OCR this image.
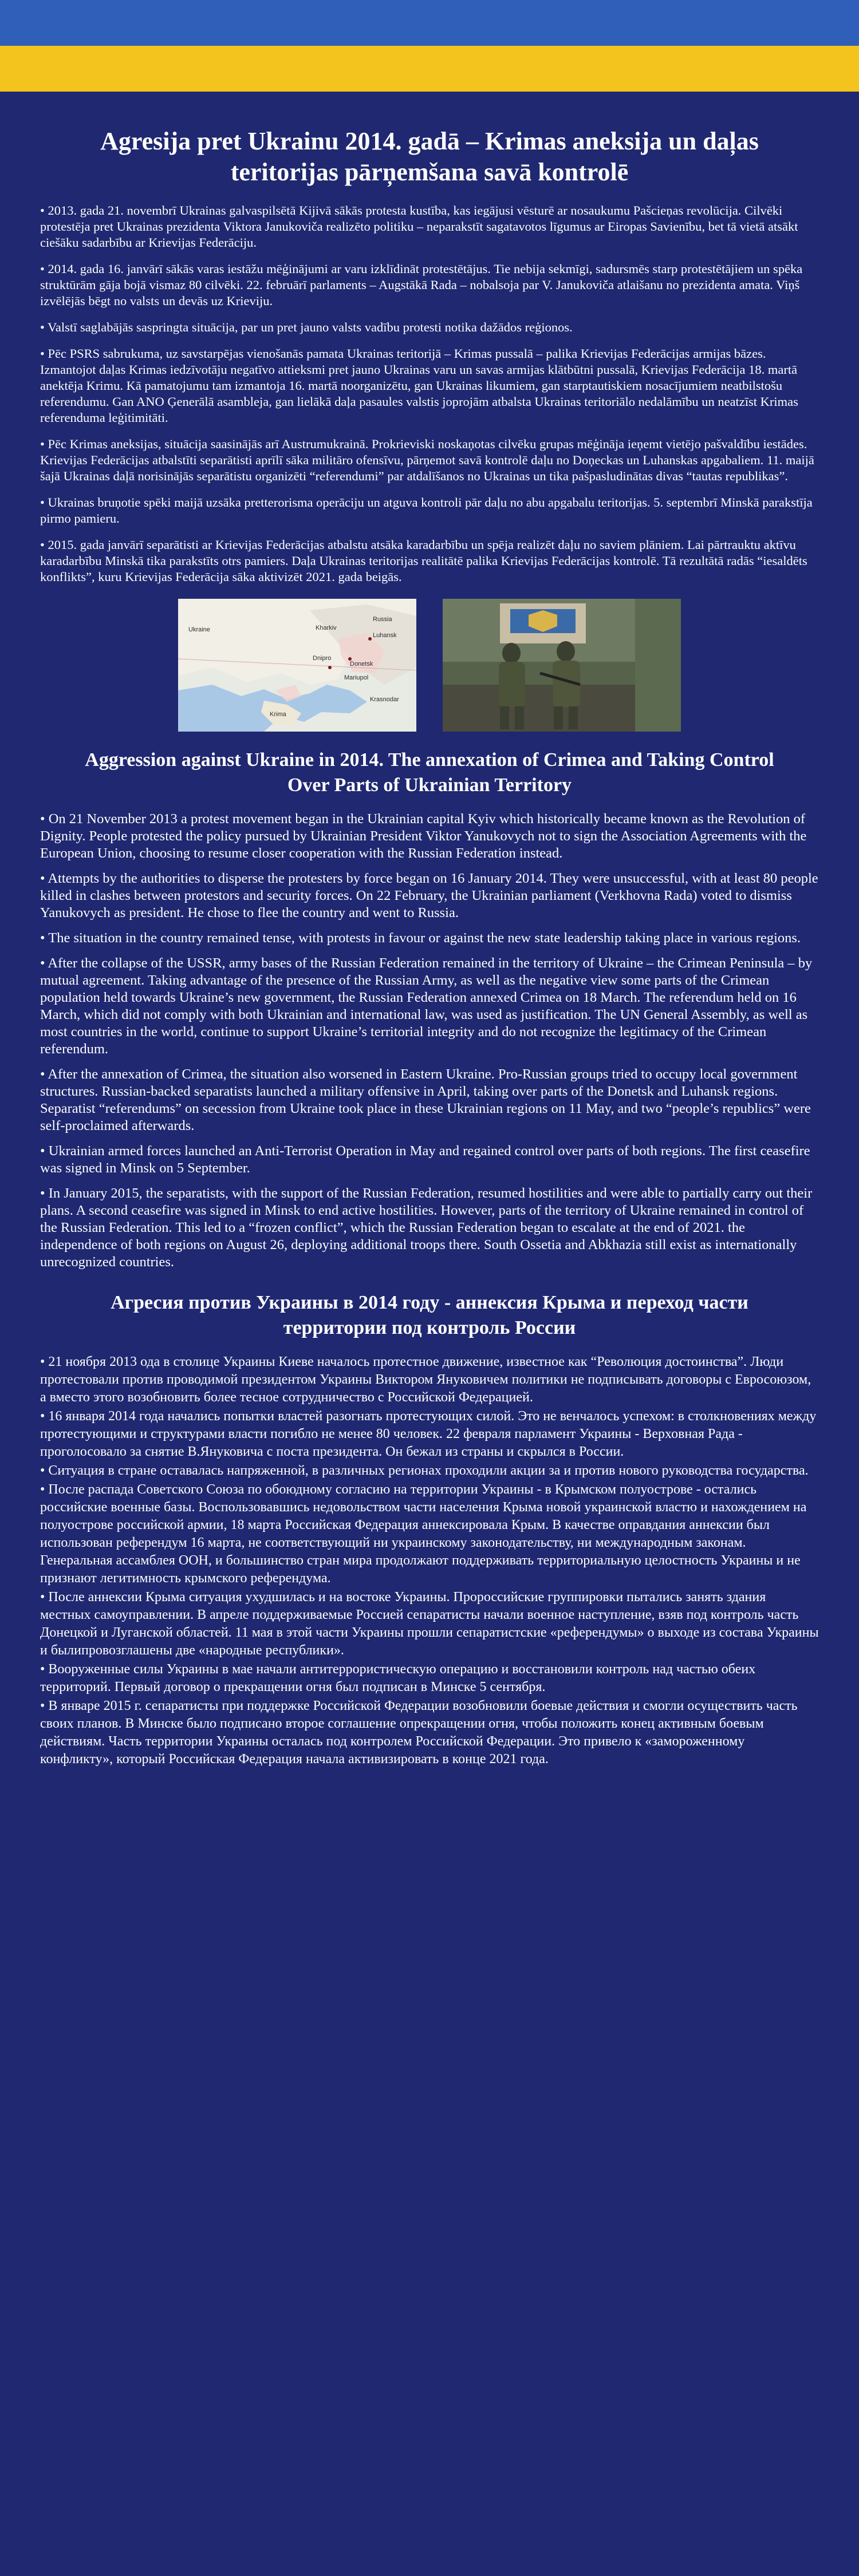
Agresija pret Ukrainu 2014. gadā – Krimas aneksija un daļas teritorijas pārņemšana savā kontrolē

• 2013. gada 21. novembrī Ukrainas galvaspilsētā Kijivā sākās protesta kustība, kas iegājusi vēsturē ar nosaukumu Pašcieņas revolūcija. Cilvēki protestēja pret Ukrainas prezidenta Viktora Janukoviča realizēto politiku – neparakstīt sagatavotos līgumus ar Eiropas Savienību, bet tā vietā atsākt ciešāku sadarbību ar Krievijas Federāciju.

• 2014. gada 16. janvārī sākās varas iestāžu mēģinājumi ar varu izklīdināt protestētājus. Tie nebija sekmīgi, sadursmēs starp protestētājiem un spēka struktūrām gāja bojā vismaz 80 cilvēki. 22. februārī parlaments – Augstākā Rada – nobalsoja par V. Janukoviča atlaišanu no prezidenta amata. Viņš izvēlējās bēgt no valsts un devās uz Krieviju.

• Valstī saglabājās saspringta situācija, par un pret jauno valsts vadību protesti notika dažādos reģionos.

• Pēc PSRS sabrukuma, uz savstarpējas vienošanās pamata Ukrainas teritorijā – Krimas pussalā – palika Krievijas Federācijas armijas bāzes. Izmantojot daļas Krimas iedzīvotāju negatīvo attieksmi pret jauno Ukrainas varu un savas armijas klātbūtni pussalā, Krievijas Federācija 18. martā anektēja Krimu. Kā pamatojumu tam izmantoja 16. martā noorganizētu, gan Ukrainas likumiem, gan starptautiskiem nosacījumiem neatbilstošu referendumu. Gan ANO Ģenerālā asambleja, gan lielākā daļa pasaules valstis joprojām atbalsta Ukrainas teritoriālo nedalāmību un neatzīst Krimas referenduma leģitimitāti.

• Pēc Krimas aneksijas, situācija saasinājās arī Austrumukrainā. Prokrieviski noskaņotas cilvēku grupas mēģināja ieņemt vietējo pašvaldību iestādes. Krievijas Federācijas atbalstīti separātisti aprīlī sāka militāro ofensīvu, pārņemot savā kontrolē daļu no Doņeckas un Luhanskas apgabaliem. 11. maijā šajā Ukrainas daļā norisinājās separātistu organizēti “referendumi” par atdalīšanos no Ukrainas un tika pašpasludinātas divas “tautas republikas”.

• Ukrainas bruņotie spēki maijā uzsāka pretterorisma operāciju un atguva kontroli pār daļu no abu apgabalu teritorijas. 5. septembrī Minskā parakstīja pirmo pamieru.

• 2015. gada janvārī separātisti ar Krievijas Federācijas atbalstu atsāka karadarbību un spēja realizēt daļu no saviem plāniem. Lai pārtrauktu aktīvu karadarbību Minskā tika parakstīts otrs pamiers. Daļa Ukrainas teritorijas realitātē palika Krievijas Federācijas kontrolē. Tā rezultātā radās “iesaldēts konflikts”, kuru Krievijas Federācija sāka aktivizēt 2021. gada beigās.

Ukraine
Russia
Kharkiv
Luhansk
Donetsk
Dnipro
Mariupol
Krasnodar
Krima
Aggression against Ukraine in 2014. The annexation of Crimea and Taking Control Over Parts of Ukrainian Territory

• On 21 November 2013 a protest movement began in the Ukrainian capital Kyiv which historically became known as the Revolution of Dignity. People protested the policy pursued by Ukrainian President Viktor Yanukovych not to sign the Association Agreements with the European Union, choosing to resume closer cooperation with the Russian Federation instead.

• Attempts by the authorities to disperse the protesters by force began on 16 January 2014. They were unsuccessful, with at least 80 people killed in clashes between protestors and security forces. On 22 February, the Ukrainian parliament (Verkhovna Rada) voted to dismiss Yanukovych as president. He chose to flee the country and went to Russia.

• The situation in the country remained tense, with protests in favour or against the new state leadership taking place in various regions.

• After the collapse of the USSR, army bases of the Russian Federation remained in the territory of Ukraine – the Crimean Peninsula – by mutual agreement. Taking advantage of the presence of the Russian Army, as well as the negative view some parts of the Crimean population held towards Ukraine’s new government, the Russian Federation annexed Crimea on 18 March. The referendum held on 16 March, which did not comply with both Ukrainian and international law, was used as justification. The UN General Assembly, as well as most countries in the world, continue to support Ukraine’s territorial integrity and do not recognize the legitimacy of the Crimean referendum.

• After the annexation of Crimea, the situation also worsened in Eastern Ukraine. Pro-Russian groups tried to occupy local government structures. Russian-backed separatists launched a military offensive in April, taking over parts of the Donetsk and Luhansk regions. Separatist “referendums” on secession from Ukraine took place in these Ukrainian regions on 11 May, and two “people’s republics” were self-proclaimed afterwards.

• Ukrainian armed forces launched an Anti-Terrorist Operation in May and regained control over parts of both regions. The first ceasefire was signed in Minsk on 5 September.

• In January 2015, the separatists, with the support of the Russian Federation, resumed hostilities and were able to partially carry out their plans. A second ceasefire was signed in Minsk to end active hostilities. However, parts of the territory of Ukraine remained in control of the Russian Federation. This led to a “frozen conflict”, which the Russian Federation began to escalate at the end of 2021. the independence of both regions on August 26, deploying additional troops there. South Ossetia and Abkhazia still exist as internationally unrecognized countries.

Агресия против Украины в 2014 году - аннексия Крыма и переход части территории под контроль России

• 21 ноября 2013 ода в столице Украины Киеве началось протестное движение, известное как “Революция достоинства”. Люди протестовали против проводимой президентом Украины Виктором Януковичем политики не подписывать договоры с Евросоюзом, а вместо этого возобновить более тесное сотрудничество с Российской Федерацией.

• 16 января 2014 года начались попытки властей разогнать протестующих силой. Это не венчалось успехом: в столкновениях между протестующими и структурами власти погибло не менее 80 человек. 22 февраля парламент Украины - Верховная Рада - проголосовало за снятие В.Януковича с поста президента. Он бежал из страны и скрылся в России.

• Ситуация в стране оставалась напряженной, в различных регионах проходили акции за и против нового руководства государства.

• После распада Советского Союза по обоюдному согласию на территории Украины - в Крымском полуострове - остались российские военные базы. Воспользовавшись недовольством части населения Крыма новой украинской властю и нахождением на полуострове российской армии, 18 марта Российская Федерация аннексировала Крым. В качестве оправдания аннексии был использован референдум 16 марта, не соответствующий ни украинскому законодательству, ни международным законам. Генеральная ассамблея ООН, и большинство стран мира продолжают поддерживать территориальную целостность Украины и не признают легитимность крымского референдума.

• После аннексии Крыма ситуация ухудшилась и на востоке Украины. Пророссийские группировки пытались занять здания местных самоуправлении. В апреле поддерживаемые Россией сепаратисты начали военное наступление, взяв под контроль часть Донецкой и Луганской областей. 11 мая в этой части Украины прошли сепаратистские «референдумы» о выходе из состава Украины и былипровозглашены две «народные республики».

• Вооруженные силы Украины в мае начали антитеррористическую операцию и восстановили контроль над частью обеих территорий. Первый договор о прекращении огня был подписан в Минске 5 сентября.

• В январе 2015 г. сепаратисты при поддержке Российской Федерации возобновили боевые действия и смогли осуществить часть своих планов. В Минске было подписано второе соглашение опрекращении огня, чтобы положить конец активным боевым действиям. Часть территории Украины осталась под контролем Российской Федерации. Это привело к «замороженному конфликту», который Российская Федерация начала активизировать в конце 2021 года.
